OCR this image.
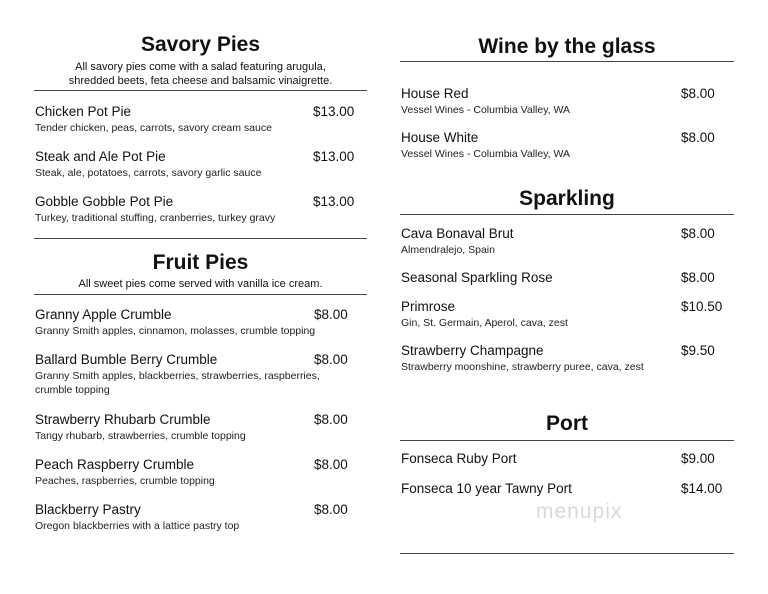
Savory Pies
All savory pies come with a salad featuring arugula,
shredded beets, feta cheese and balsamic vinaigrette.
Chicken Pot Pie	$13.00
Tender chicken, peas, carrots, savory cream sauce
Steak and Ale Pot Pie	$13.00
Steak, ale, potatoes, carrots, savory garlic sauce
Gobble Gobble Pot Pie	$13.00
Turkey, traditional stuffing, cranberries, turkey gravy
Fruit Pies
All sweet pies come served with vanilla ice cream.
Granny Apple Crumble	$8.00
Granny Smith apples, cinnamon, molasses, crumble topping
Ballard Bumble Berry Crumble	$8.00
Granny Smith apples, blackberries, strawberries, raspberries,
crumble topping
Strawberry Rhubarb Crumble	$8.00
Tangy rhubarb, strawberries, crumble topping
Peach Raspberry Crumble	$8.00
Peaches, raspberries, crumble topping
Blackberry Pastry	$8.00
Oregon blackberries with a lattice pastry top
Wine by the glass
House Red	$8.00
Vessel Wines - Columbia Valley, WA
House White	$8.00
Vessel Wines - Columbia Valley, WA
Sparkling
Cava Bonaval Brut	$8.00
Almendralejo, Spain
Seasonal Sparkling Rose	$8.00
Primrose	$10.50
Gin, St. Germain, Aperol, cava, zest
Strawberry Champagne	$9.50
Strawberry moonshine, strawberry puree, cava, zest
Port
Fonseca Ruby Port	$9.00
Fonseca 10 year Tawny Port	$14.00
menupix
